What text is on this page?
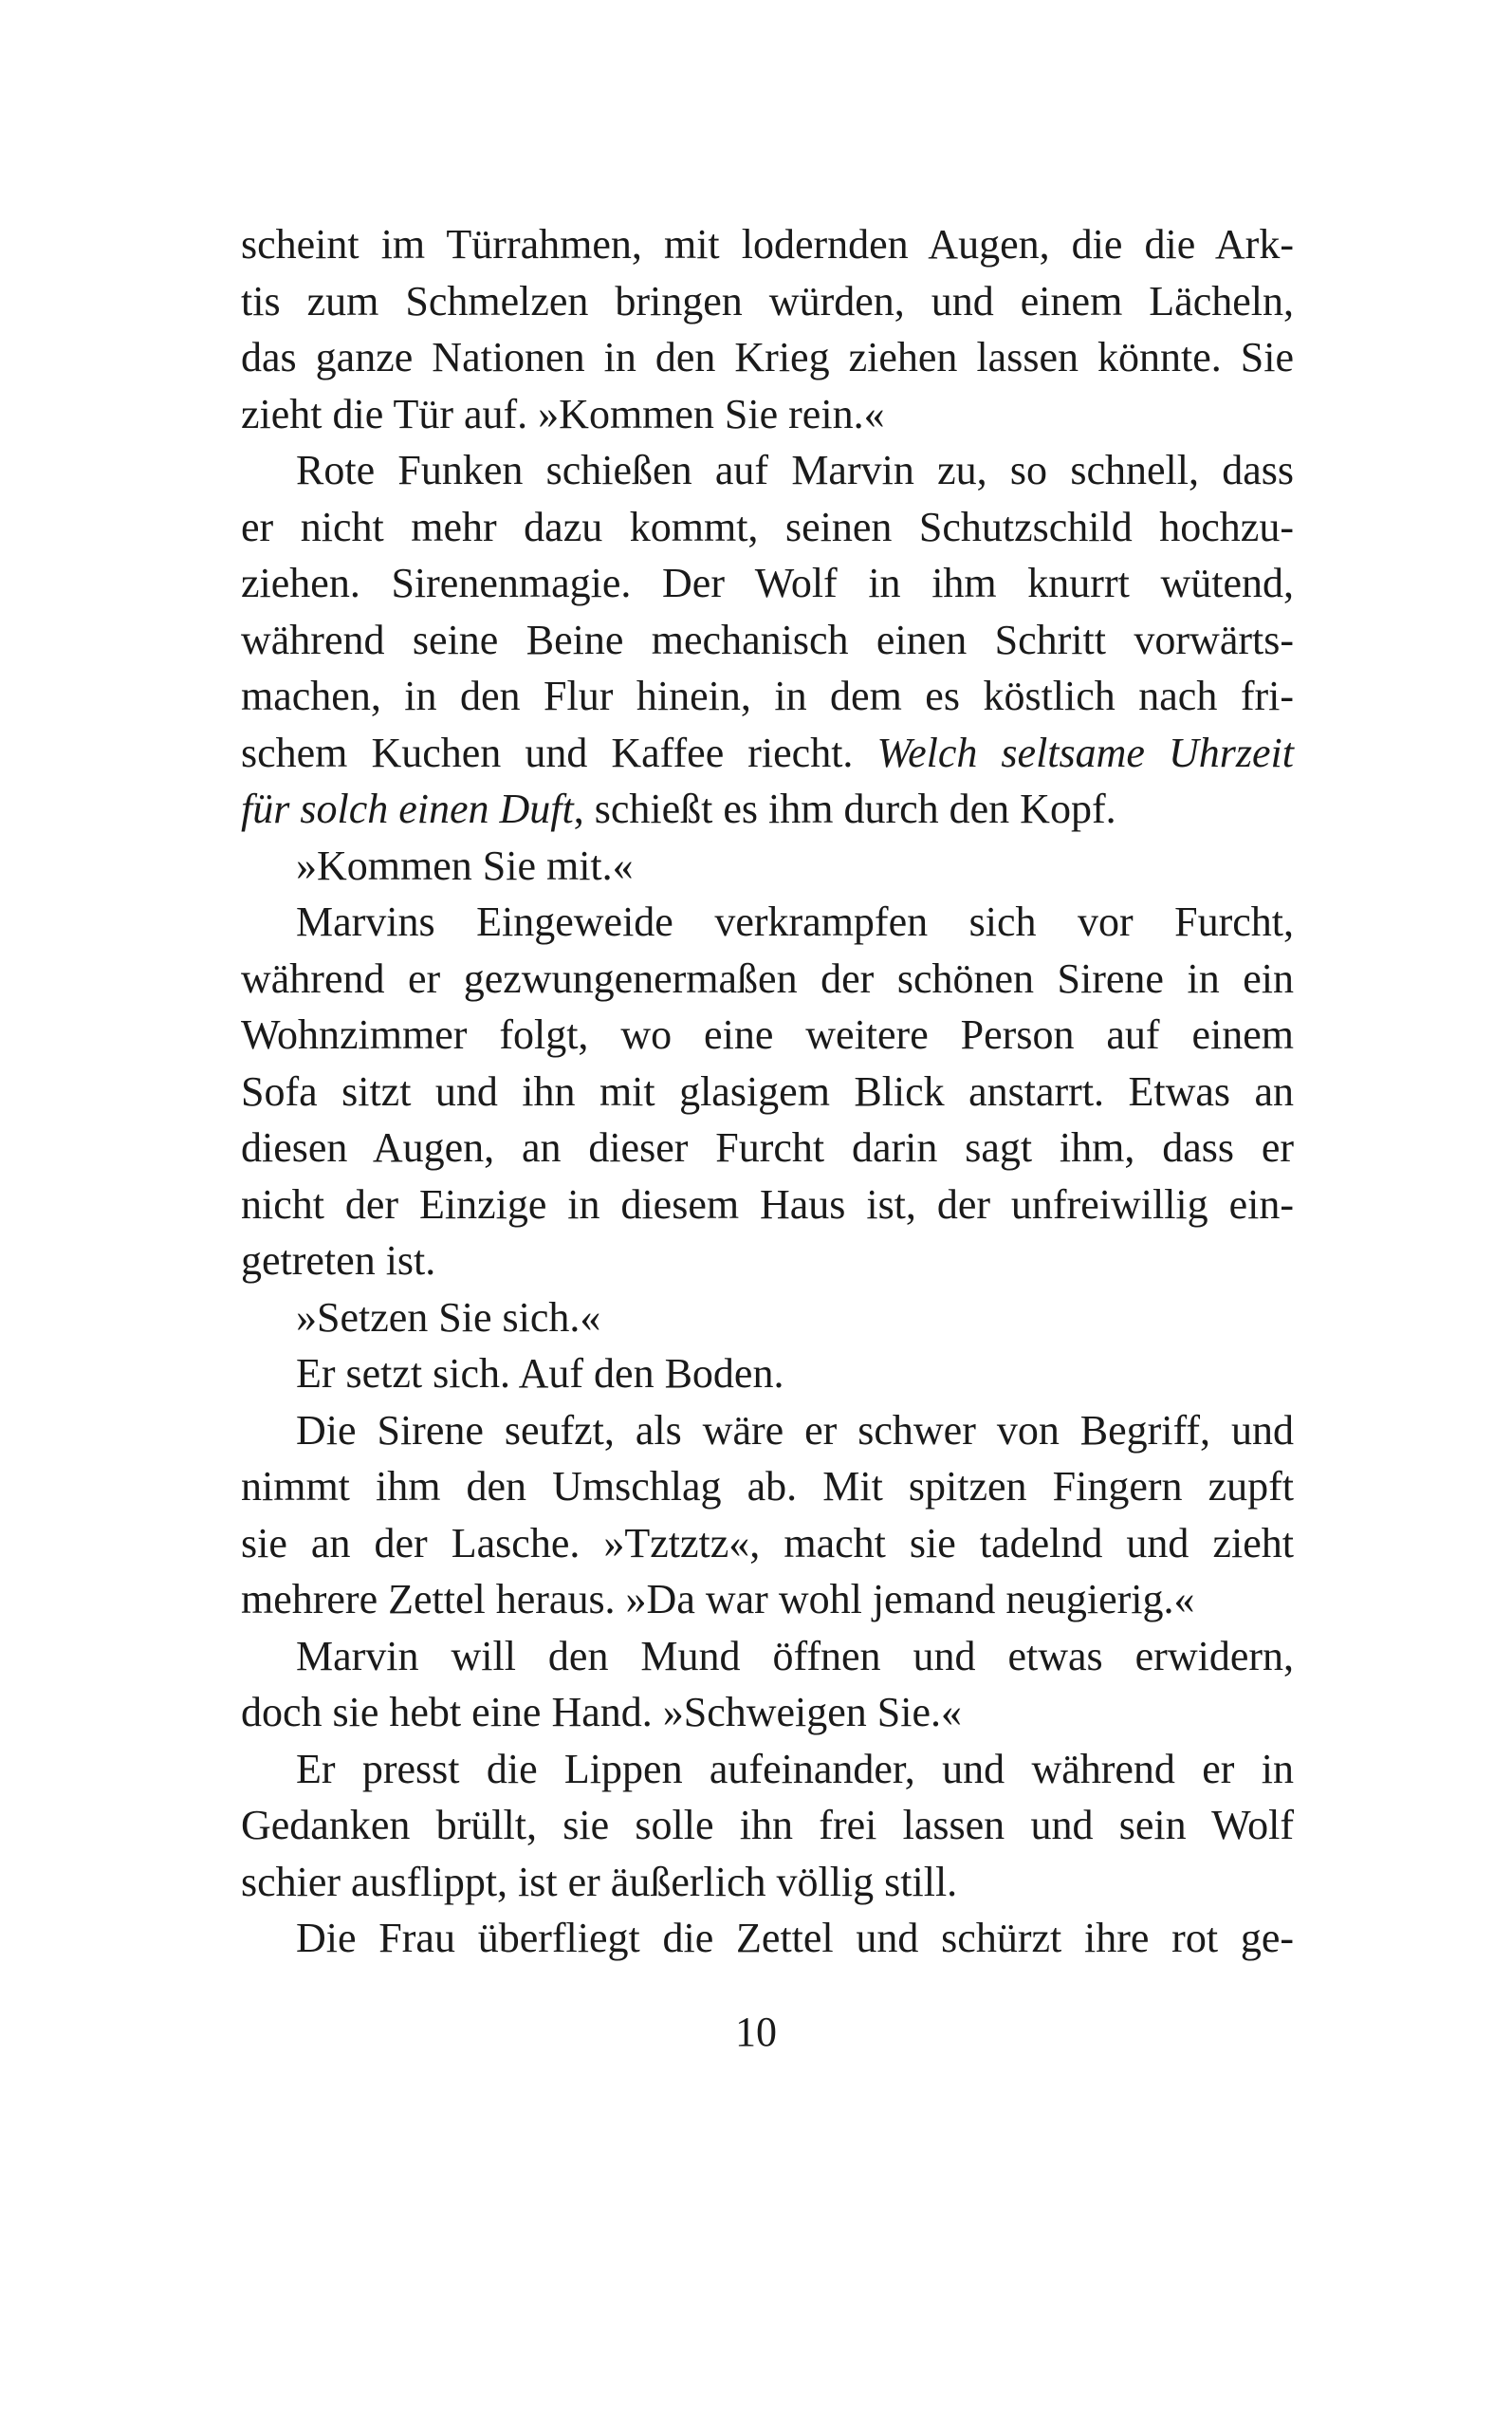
scheint im Türrahmen, mit lodernden Augen, die die Ark-
tis zum Schmelzen bringen würden, und einem Lächeln,
das ganze Nationen in den Krieg ziehen lassen könnte. Sie
zieht die Tür auf. »Kommen Sie rein.«
Rote Funken schießen auf Marvin zu, so schnell, dass
er nicht mehr dazu kommt, seinen Schutzschild hochzu-
ziehen. Sirenenmagie. Der Wolf in ihm knurrt wütend,
während seine Beine mechanisch einen Schritt vorwärts-
machen, in den Flur hinein, in dem es köstlich nach fri-
schem Kuchen und Kaffee riecht. Welch seltsame Uhrzeit
für solch einen Duft, schießt es ihm durch den Kopf.
»Kommen Sie mit.«
Marvins Eingeweide verkrampfen sich vor Furcht,
während er gezwungenermaßen der schönen Sirene in ein
Wohnzimmer folgt, wo eine weitere Person auf einem
Sofa sitzt und ihn mit glasigem Blick anstarrt. Etwas an
diesen Augen, an dieser Furcht darin sagt ihm, dass er
nicht der Einzige in diesem Haus ist, der unfreiwillig ein-
getreten ist.
»Setzen Sie sich.«
Er setzt sich. Auf den Boden.
Die Sirene seufzt, als wäre er schwer von Begriff, und
nimmt ihm den Umschlag ab. Mit spitzen Fingern zupft
sie an der Lasche. »Tztztz«, macht sie tadelnd und zieht
mehrere Zettel heraus. »Da war wohl jemand neugierig.«
Marvin will den Mund öffnen und etwas erwidern,
doch sie hebt eine Hand. »Schweigen Sie.«
Er presst die Lippen aufeinander, und während er in
Gedanken brüllt, sie solle ihn frei lassen und sein Wolf
schier ausflippt, ist er äußerlich völlig still.
Die Frau überfliegt die Zettel und schürzt ihre rot ge-
10
